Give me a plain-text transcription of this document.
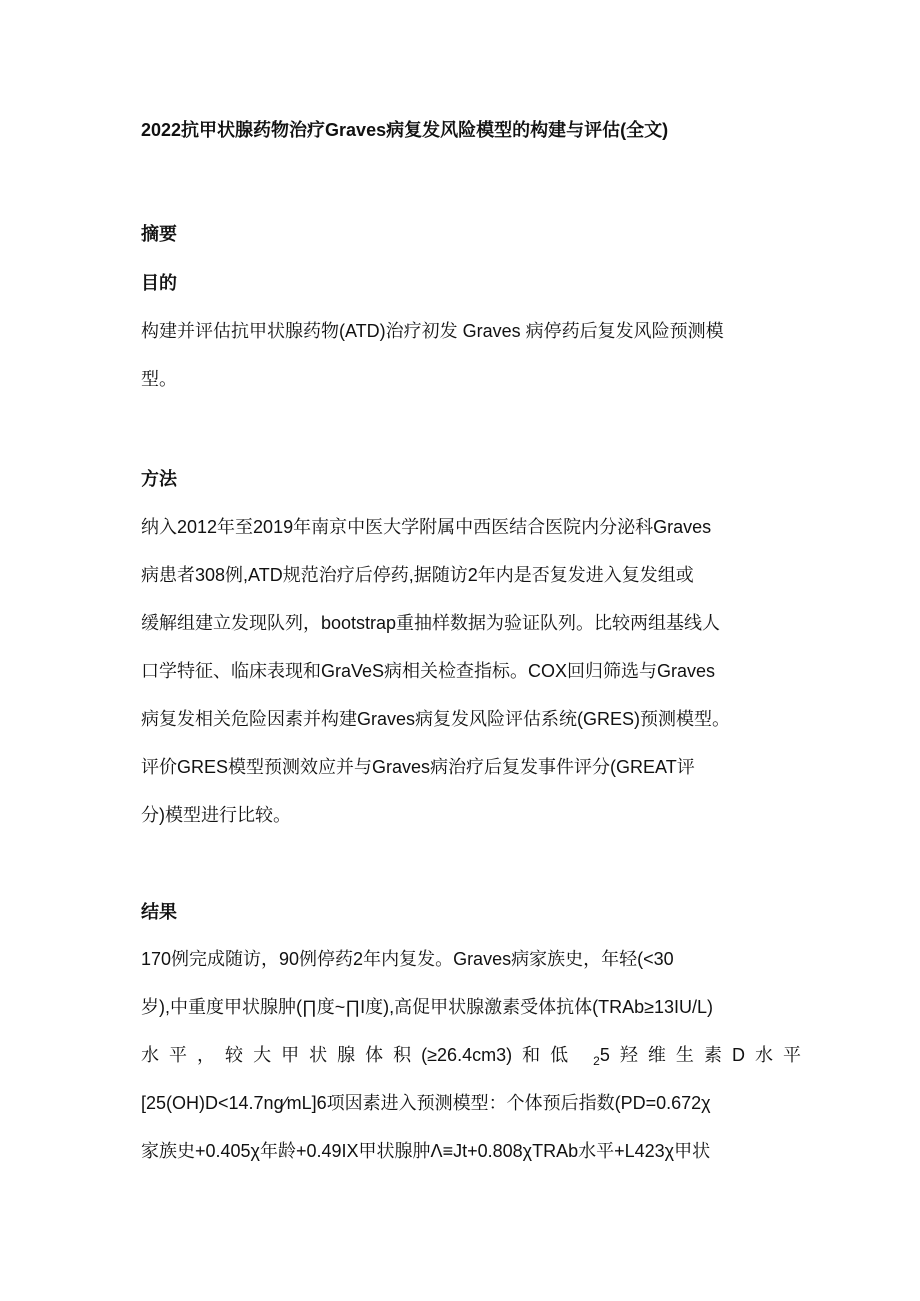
2022抗甲状腺药物治疗Graves病复发风险模型的构建与评估(全文)
摘要
目的
构建并评估抗甲状腺药物(ATD)治疗初发 Graves 病停药后复发风险预测模
型。
方法
纳入2012年至2019年南京中医大学附属中西医结合医院内分泌科Graves
病患者308例,ATD规范治疗后停药,据随访2年内是否复发进入复发组或
缓解组建立发现队列，bootstrap重抽样数据为验证队列。比较两组基线人
口学特征、临床表现和GraVeS病相关检查指标。COX回归筛选与Graves
病复发相关危险因素并构建Graves病复发风险评估系统(GRES)预测模型。
评价GRES模型预测效应并与Graves病治疗后复发事件评分(GREAT评
分)模型进行比较。
结果
170例完成随访，90例停药2年内复发。Graves病家族史，年轻(<30
岁),中重度甲状腺肿(∏度~∏I度),高促甲状腺激素受体抗体(TRAb≥13IU/L)
水平，较大甲状腺体积(≥26.4cm3)和低 $_2$5羟维生素D水平
[25(OH)D<14.7ng∕mL]6项因素进入预测模型：个体预后指数(PD=0.672χ
家族史+0.405χ年龄+0.49IX甲状腺肿Λ≡Jt+0.808χTRAb水平+L423χ甲状
